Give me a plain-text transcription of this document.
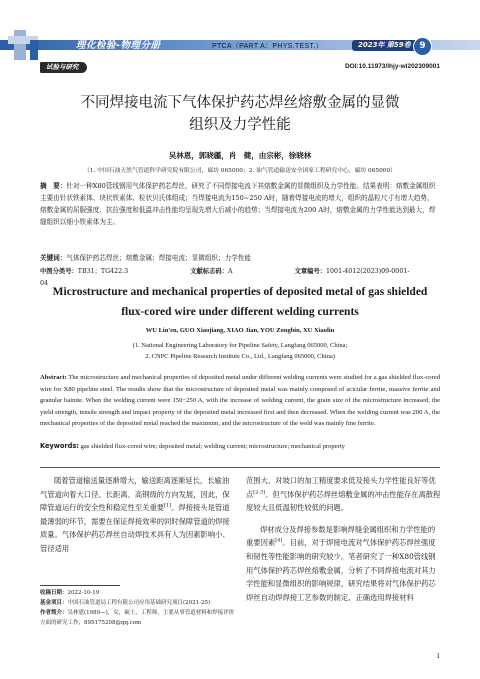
理化检验-物理分册	PTCA（PART A：PHYS.TEST.）	2023年 第59卷 9
试验与研究	DOI:10.11973/lhjy-wl202309001
不同焊接电流下气体保护药芯焊丝熔敷金属的显微
组织及力学性能
吴林恩，郭晓疆，肖　健，由宗彬，徐晓林
（1. 中国石油天然气管道科学研究院有限公司，廊坊 065000；2. 油气管道输送安全国家工程研究中心，廊坊 065000）
摘　要：针对一种X80管线钢用气体保护药芯焊丝，研究了不同焊接电流下其熔敷金属的显微组织及力学性能。结果表明：熔敷金属组织主要由针状铁素体、块状铁素体、粒状贝氏体组成；当焊接电流为150~250 A时，随着焊接电流的增大，组织的晶粒尺寸有增大趋势，熔敷金属的屈服强度、抗拉强度和低温冲击性能均呈现先增大后减小的趋势；当焊接电流为200 A时，熔敷金属的力学性能达到最大，焊缝组织以细小铁素体为主。
关键词：气体保护药芯焊丝；熔敷金属；焊接电流；显微组织；力学性能
中图分类号：TB31；TG422.3	文献标志码：A	文章编号：1001-4012(2023)09-0001-04
Microstructure and mechanical properties of deposited metal of gas shielded
flux-cored wire under different welding currents
WU Lin'en, GUO Xiaojiang, XIAO Jian, YOU Zongbin, XU Xiaolin
(1. National Engineering Laboratory for Pipeline Safety, Langfang 065000, China;
2. CNPC Pipeline Research Institute Co., Ltd., Langfang 065000, China)
Abstract: The microstructure and mechanical properties of deposited metal under different welding currents were studied for a gas shielded flux-cored wire for X80 pipeline steel. The results show that the microstructure of deposited metal was mainly composed of acicular ferrite, massive ferrite and granular bainite. When the welding current were 150−250 A, with the increase of welding current, the grain size of the microstructure increased, the yield strength, tensile strength and impact property of the deposited metal increased first and then decreased. When the welding current was 200 A, the mechanical properties of the deposited metal reached the maximum, and the microstructure of the weld was mainly fine ferrite.
Keywords: gas shielded flux-cored wire; deposited metal; welding current; microstructure; mechanical property

随着管道输送量逐渐增大，输送距离逐渐延长，长输油气管道向着大口径、长距离、高钢级的方向发展，因此，保障管道运行的安全性和稳定性至关重要[1]。焊接接头是管道最薄弱的环节，需要在保证焊接效率的同时保障管道的焊接质量。气体保护药芯焊丝自动焊技术具有人为因素影响小、管径适用

范围大、对坡口的加工精度要求低及接头力学性能良好等优点[2-3]。但气体保护药芯焊丝熔敷金属的冲击性能存在离散程度较大且低温韧性较低的问题。

焊材成分及焊接参数是影响焊缝金属组织和力学性能的重要因素[4]。目前，对于焊接电流对气体保护药芯焊丝强度和韧性等性能影响的研究较少。笔者研究了一种X80管线钢用气体保护药芯焊丝熔敷金属，分析了不同焊接电流对其力学性能和显微组织的影响规律，研究结果将对气体保护药芯焊丝自动焊焊接工艺参数的制定、正确选用焊接材料

收稿日期：2022-10-19
基金项目：中国石油管道局工程有限公司应用基础研究项目(2021-25)
作者简介：吴林恩(1989—)，女，硕士，工程师，主要从事管道材料和焊接评价方面的研究工作，895175208@qq.com
1
